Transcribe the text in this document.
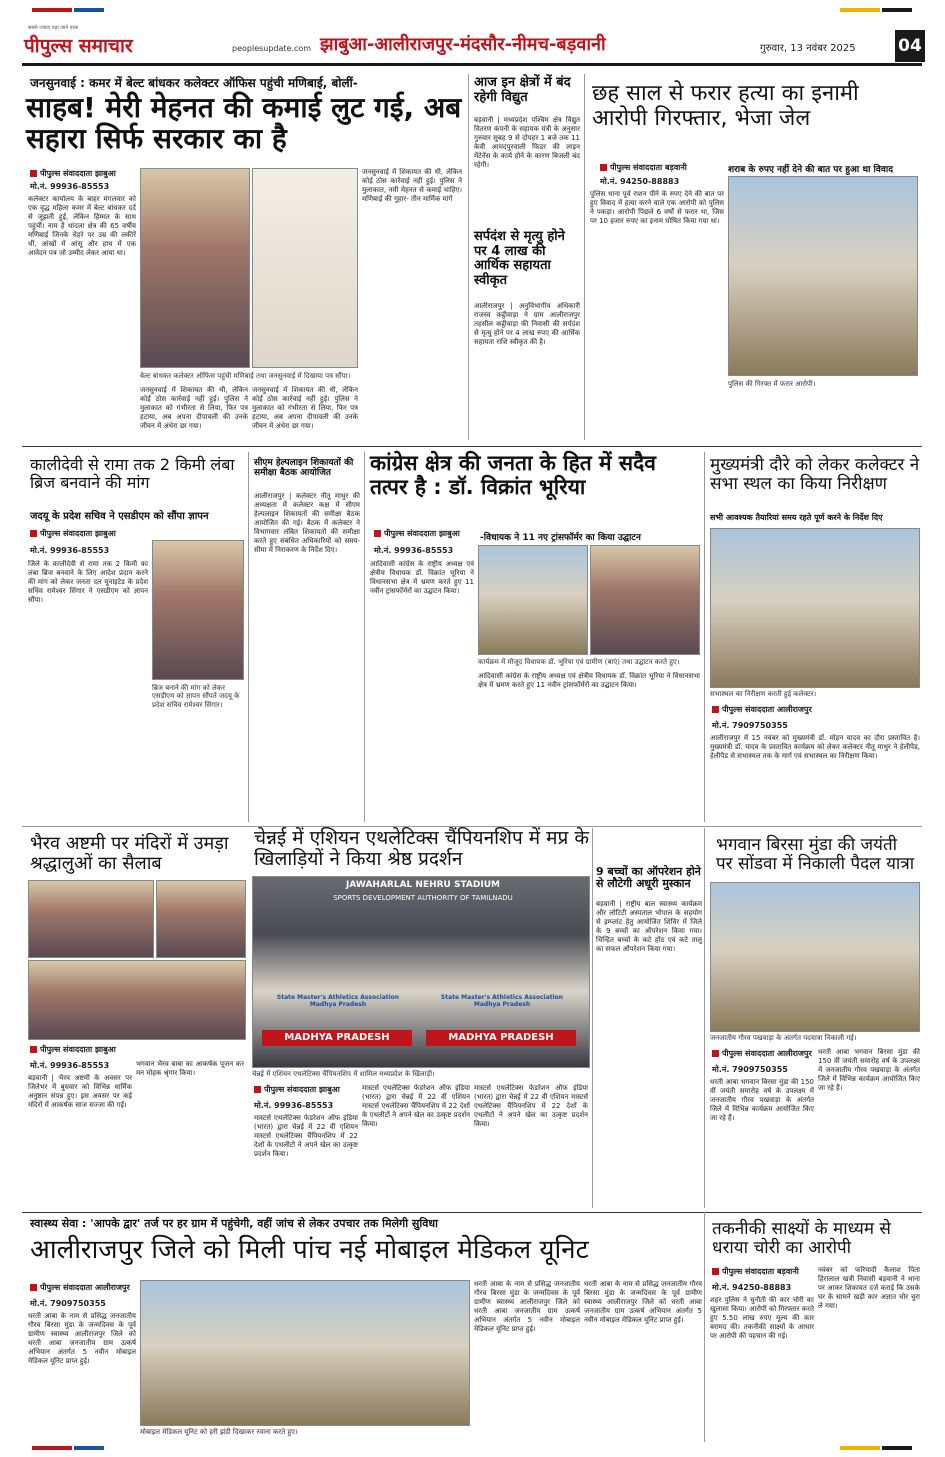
सबसे ज्यादा पढ़ा जाने वाला
पीपुल्स समाचार	peoplesupdate.com झाबुआ-आलीराजपुर-मंदसौर-नीमच-बड़वानी	गुरुवार, 13 नवंबर 2025	04
जनसुनवाई : कमर में बेल्ट बांधकर कलेक्टर ऑफिस पहुंची मणिबाई, बोलीं-
साहब! मेरी मेहनत की कमाई लुट गई, अब सहारा सिर्फ सरकार का है
पीपुल्स संवाददाता झाबुआ
मो.नं. 99936-85553
कलेक्टर कार्यालय के बाहर मंगलवार को एक वृद्ध महिला कमर में बेल्ट बांधकर दर्द से जूझती हुई, लेकिन हिम्मत के साथ पहुंचीं। नाम है थांदला क्षेत्र की 65 वर्षीय मणिबाई जिनके चेहरे पर उम्र की लकीरें थीं, आंखों में आंसू और हाथ में एक आवेदन पत्र जो उम्मीद लेकर आया था।
बेल्ट बांधकर कलेक्टर ऑफिस पहुंची मणिबाई तथा जनसुनवाई में दिखाया पत्र सौंपा।
जनसुनवाई में शिकायत की थी, लेकिन कोई ठोस कार्रवाई नहीं हुई। पुलिस ने मुलाकात को गंभीरता से लिया, फिर पत्र हटाया, अब अपना दीपावली की उनके जीवन में अंधेरा छा गया।
जनसुनवाई में शिकायत की थी, लेकिन कोई ठोस कार्रवाई नहीं हुई। पुलिस ने मुलाकात को गंभीरता से लिया, फिर पत्र हटाया, अब अपना दीपावली की उनके जीवन में अंधेरा छा गया।
जनसुनवाई में शिकायत की थी, लेकिन कोई ठोस कार्रवाई नहीं हुई। पुलिस ने मुलाकात, नयी मेहनत से कमाई चाहिए। मणिबाई की गुहार- तीन मार्मिक मांगें
आज इन क्षेत्रों में बंद रहेगी विद्युत
बड़वानी | मध्यप्रदेश पश्चिम क्षेत्र विद्युत वितरण कंपनी के सहायक यंत्री के अनुसार गुरुवार सुबह 9 से दोपहर 1 बजे तक 11 केवी आमदपुरवाली फिडर की लाइन मेंटेनेंस के कार्य होने के कारण बिजली बंद रहेगी।
सर्पदंश से मृत्यु होने पर 4 लाख की आर्थिक सहायता स्वीकृत
आलीराजपुर | अनुविभागीय अधिकारी राजस्व कट्ठीवाड़ा ने ग्राम आलीराजपुर तहसील कट्ठीवाड़ा की निवासी की सर्पदंश से मृत्यु होने पर 4 लाख रुपए की आर्थिक सहायता राशि स्वीकृत की है।
छह साल से फरार हत्या का इनामी आरोपी गिरफ्तार, भेजा जेल
पीपुल्स संवाददाता बड़वानी
मो.नं. 94250-88883
शराब के रुपए नहीं देने की बात पर हुआ था विवाद
पुलिस थाना पूर्व राशन पीने के रुपए देने की बात पर हुए विवाद में हत्या करने वाले एक आरोपी को पुलिस ने पकड़ा। आरोपी पिछले 6 वर्षों से फरार था, जिस पर 10 हजार रुपए का इनाम घोषित किया गया था।
पुलिस की गिरफ्त में फरार आरोपी।
कालीदेवी से रामा तक 2 किमी लंबा ब्रिज बनवाने की मांग
जदयू के प्रदेश सचिव ने एसडीएम को सौंपा ज्ञापन
पीपुल्स संवाददाता झाबुआ
मो.नं. 99936-85553
जिले के कालीदेवी से रामा तक 2 किमी का लंबा ब्रिज बनवाने के लिए आदेश प्रदान करने की मांग को लेकर जनता दल यूनाइटेड के प्रदेश सचिव रामेश्वर सिंगार ने एसडीएम को ज्ञापन सौंपा।
ब्रिज बनाने की मांग को लेकर एसडीएम को ज्ञापन सौंपते जदयू के प्रदेश सचिव रामेश्वर सिंगार।
सीएम हेल्पलाइन शिकायतों की समीक्षा बैठक आयोजित
आलीराजपुर | कलेक्टर नीतू माथुर की अध्यक्षता में कलेक्टर कक्ष में सीएम हेल्पलाइन शिकायतों की समीक्षा बैठक आयोजित की गई। बैठक में कलेक्टर ने विभागवार लंबित शिकायतों की समीक्षा करते हुए संबंधित अधिकारियों को समय-सीमा में निराकरण के निर्देश दिए।
कांग्रेस क्षेत्र की जनता के हित में सदैव तत्पर है : डॉ. विक्रांत भूरिया
पीपुल्स संवाददाता झाबुआ
मो.नं. 99936-85553
-विधायक ने 11 नए ट्रांसफॉर्मर का किया उद्घाटन
कार्यक्रम में मौजूद विधायक डॉ. भूरिया एवं ग्रामीण (बाएं) तथा उद्घाटन करते हुए।
आदिवासी कांग्रेस के राष्ट्रीय अध्यक्ष एवं क्षेत्रीय विधायक डॉ. विक्रांत भूरिया ने विधानसभा क्षेत्र में भ्रमण करते हुए 11 नवीन ट्रांसफॉर्मरों का उद्घाटन किया।
आदिवासी कांग्रेस के राष्ट्रीय अध्यक्ष एवं क्षेत्रीय विधायक डॉ. विक्रांत भूरिया ने विधानसभा क्षेत्र में भ्रमण करते हुए 11 नवीन ट्रांसफॉर्मरों का उद्घाटन किया।
मुख्यमंत्री दौरे को लेकर कलेक्टर ने सभा स्थल का किया निरीक्षण
सभी आवश्यक तैयारियां समय रहते पूर्ण करने के निर्देश दिए
सभास्थल का निरीक्षण करती हुई कलेक्टर।
पीपुल्स संवाददाता आलीराजपुर
मो.नं. 7909750355
आलीराजपुर में 15 नवंबर को मुख्यमंत्री डॉ. मोहन यादव का दौरा प्रस्तावित है। मुख्यमंत्री डॉ. यादव के प्रस्तावित कार्यक्रम को लेकर कलेक्टर नीतू माथुर ने हेलीपैड, हेलीपैड से सभास्थल तक के मार्ग एवं सभास्थल का निरीक्षण किया।
चेन्नई में एशियन एथलेटिक्स चैंपियनशिप में मप्र के खिलाड़ियों ने किया श्रेष्ठ प्रदर्शन
JAWAHARLAL NEHRU STADIUM
SPORTS DEVELOPMENT AUTHORITY OF TAMILNADU
MADHYA PRADESH	MADHYA PRADESH
State Master's Athletics Association Madhya Pradesh
State Master's Athletics Association Madhya Pradesh
चेन्नई में एशियन एथलेटिक्स चैंपियनशिप में शामिल मध्यप्रदेश के खिलाड़ी।
पीपुल्स संवाददाता झाबुआ
मो.नं. 99936-85553
मास्टर्स एथलेटिक्स फेडरेशन ऑफ इंडिया (भारत) द्वारा चेन्नई में 22 वीं एशियन मास्टर्स एथलेटिक्स चैंपियनशिप में 22 देशों के एथलीटों ने अपने खेल का उत्कृष्ट प्रदर्शन किया।
मास्टर्स एथलेटिक्स फेडरेशन ऑफ इंडिया (भारत) द्वारा चेन्नई में 22 वीं एशियन मास्टर्स एथलेटिक्स चैंपियनशिप में 22 देशों के एथलीटों ने अपने खेल का उत्कृष्ट प्रदर्शन किया।
मास्टर्स एथलेटिक्स फेडरेशन ऑफ इंडिया (भारत) द्वारा चेन्नई में 22 वीं एशियन मास्टर्स एथलेटिक्स चैंपियनशिप में 22 देशों के एथलीटों ने अपने खेल का उत्कृष्ट प्रदर्शन किया।
9 बच्चों का ऑपरेशन होने से लौटेगी अधूरी मुस्कान
बड़वानी | राष्ट्रीय बाल स्वास्थ्य कार्यक्रम और लोटिटी अस्पताल भोपाल के सहयोग से इम्प्लांट हेतु आयोजित शिविर में जिले के 9 बच्चों का ऑपरेशन किया गया। चिन्हित बच्चों के कटे होंठ एवं कटे तालु का सफल ऑपरेशन किया गया।
भैरव अष्टमी पर मंदिरों में उमड़ा श्रद्धालुओं का सैलाब
पीपुल्स संवाददाता झाबुआ
मो.नं. 99936-85553
बड़वानी | भैरव अष्टमी के अवसर पर जिलेभर में बुधवार को विभिन्न धार्मिक अनुष्ठान संपन्न हुए। इस अवसर पर कई मंदिरों में आकर्षक साज सज्जा की गई।
भगवान भैरव बाबा का आकर्षक पूजन कर मन मोहक श्रृंगार किया।
भगवान बिरसा मुंडा की जयंती पर सोंडवा में निकाली पैदल यात्रा
जनजातीय गौरव पखवाड़ा के अंतर्गत पदयात्रा निकाली गई।
पीपुल्स संवाददाता आलीराजपुर
मो.नं. 7909750355
धरती आबा भगवान बिरसा मुंडा की 150 वीं जयंती समारोह वर्ष के उपलक्ष्य में जनजातीय गौरव पखवाड़ा के अंतर्गत जिले में विभिन्न कार्यक्रम आयोजित किए जा रहे हैं।
धरती आबा भगवान बिरसा मुंडा की 150 वीं जयंती समारोह वर्ष के उपलक्ष्य में जनजातीय गौरव पखवाड़ा के अंतर्गत जिले में विभिन्न कार्यक्रम आयोजित किए जा रहे हैं।
स्वास्थ्य सेवा : 'आपके द्वार' तर्ज पर हर ग्राम में पहुंचेगी, वहीं जांच से लेकर उपचार तक मिलेगी सुविधा
आलीराजपुर जिले को मिली पांच नई मोबाइल मेडिकल यूनिट
पीपुल्स संवाददाता आलीराजपुर
मो.नं. 7909750355
धरती आबा के नाम से प्रसिद्ध जनजातीय गौरव बिरसा मुंडा के जन्मदिवस के पूर्व ग्रामीण स्वास्थ्य आलीराजपुर जिले को धरती आबा जनजातीय ग्राम उत्कर्ष अभियान अंतर्गत 5 नवीन मोबाइल मेडिकल यूनिट प्राप्त हुई।
मोबाइल मेडिकल यूनिट को हरी झंडी दिखाकर रवाना करते हुए।
धरती आबा के नाम से प्रसिद्ध जनजातीय गौरव बिरसा मुंडा के जन्मदिवस के पूर्व ग्रामीण स्वास्थ्य आलीराजपुर जिले को धरती आबा जनजातीय ग्राम उत्कर्ष अभियान अंतर्गत 5 नवीन मोबाइल मेडिकल यूनिट प्राप्त हुई।
धरती आबा के नाम से प्रसिद्ध जनजातीय गौरव बिरसा मुंडा के जन्मदिवस के पूर्व ग्रामीण स्वास्थ्य आलीराजपुर जिले को धरती आबा जनजातीय ग्राम उत्कर्ष अभियान अंतर्गत 5 नवीन मोबाइल मेडिकल यूनिट प्राप्त हुई।
तकनीकी साक्ष्यों के माध्यम से धराया चोरी का आरोपी
पीपुल्स संवाददाता बड़वानी
मो.नं. 94250-88883
शहर पुलिस ने चुनौती की कार चोरी का खुलासा किया। आरोपी को गिरफ्तार करते हुए 5.50 लाख रुपए मूल्य की कार बरामद की। तकनीकी साक्ष्यों के आधार पर आरोपी की पहचान की गई।
नवंबर को फरियादी कैलाश पिता हिरालाल खत्री निवासी बड़वानी ने थाना पर आकर शिकायत दर्ज कराई कि उसके घर के सामने खड़ी कार अज्ञात चोर चुरा ले गया।
